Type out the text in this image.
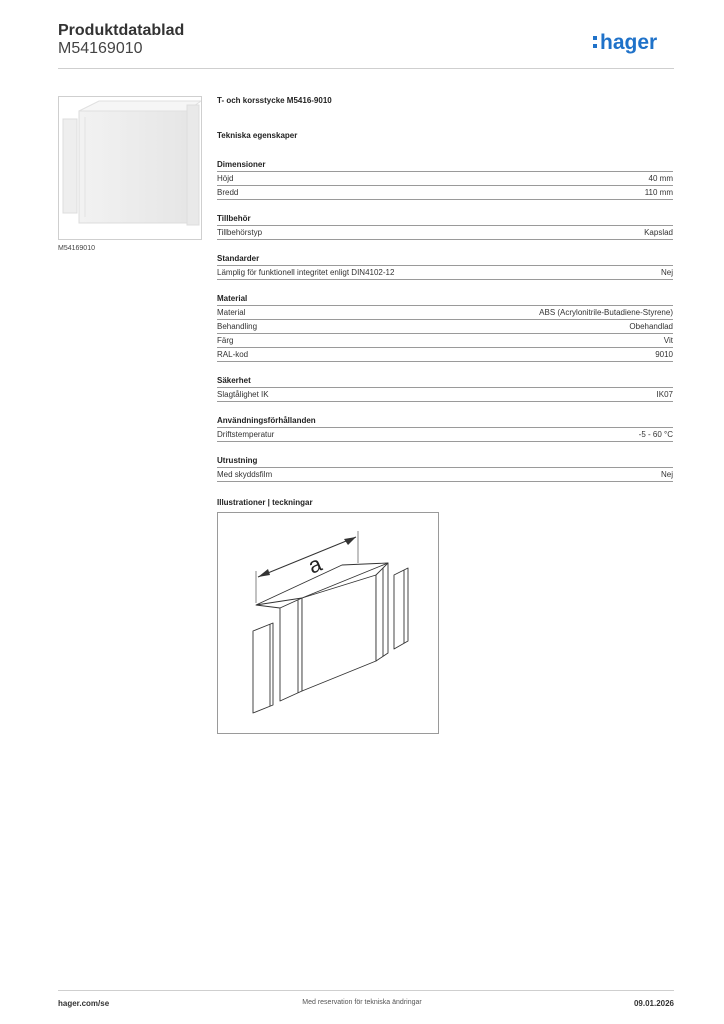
Produktdatablad
M54169010	hager
M54169010
T- och korsstycke M5416-9010
Tekniska egenskaper
Dimensioner
Höjd	40 mm
Bredd	110 mm
Tillbehör
Tillbehörstyp	Kapslad
Standarder
Lämplig för funktionell integritet enligt DIN4102-12	Nej
Material
Material	ABS (Acrylonitrile-Butadiene-Styrene)
Behandling	Obehandlad
Färg	Vit
RAL-kod	9010
Säkerhet
Slagtålighet IK	IK07
Användningsförhållanden
Driftstemperatur	-5 - 60 °C
Utrustning
Med skyddsfilm	Nej
Illustrationer | teckningar
a
hager.com/se	Med reservation för tekniska ändringar	09.01.2026
